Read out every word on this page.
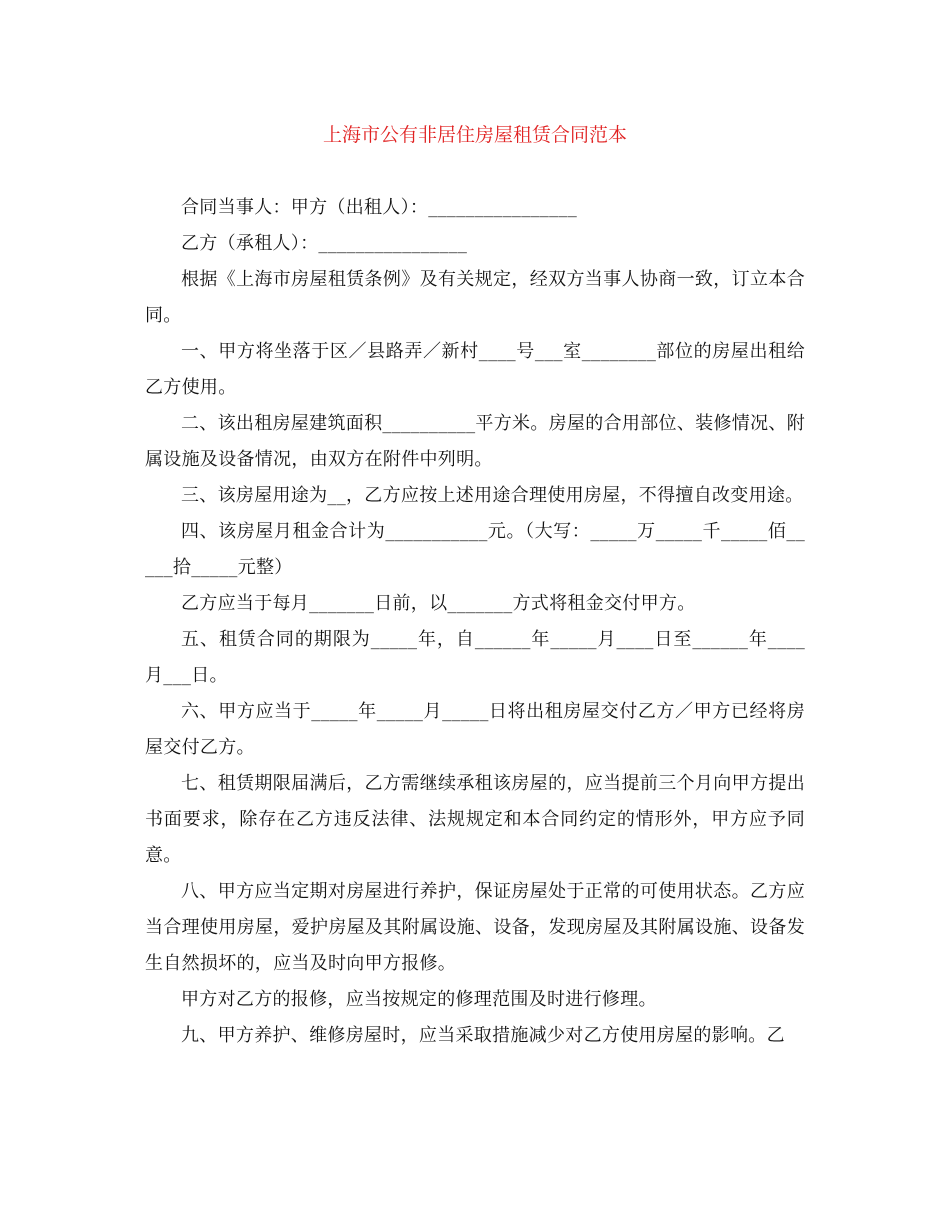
上海市公有非居住房屋租赁合同范本

合同当事人：甲方（出租人）：________________

乙方（承租人）：________________

根据《上海市房屋租赁条例》及有关规定，经双方当事人协商一致，订立本合同。

一、甲方将坐落于区／县路弄／新村____号___室________部位的房屋出租给乙方使用。

二、该出租房屋建筑面积__________平方米。房屋的合用部位、装修情况、附属设施及设备情况，由双方在附件中列明。

三、该房屋用途为__，乙方应按上述用途合理使用房屋，不得擅自改变用途。

四、该房屋月租金合计为___________元。（大写：_____万_____千_____佰_____拾_____元整）

乙方应当于每月_______日前，以_______方式将租金交付甲方。

五、租赁合同的期限为_____年，自______年_____月____日至______年____月___日。

六、甲方应当于_____年_____月_____日将出租房屋交付乙方／甲方已经将房屋交付乙方。

七、租赁期限届满后，乙方需继续承租该房屋的，应当提前三个月向甲方提出书面要求，除存在乙方违反法律、法规规定和本合同约定的情形外，甲方应予同意。

八、甲方应当定期对房屋进行养护，保证房屋处于正常的可使用状态。乙方应当合理使用房屋，爱护房屋及其附属设施、设备，发现房屋及其附属设施、设备发生自然损坏的，应当及时向甲方报修。

甲方对乙方的报修，应当按规定的修理范围及时进行修理。

九、甲方养护、维修房屋时，应当采取措施减少对乙方使用房屋的影响。乙
